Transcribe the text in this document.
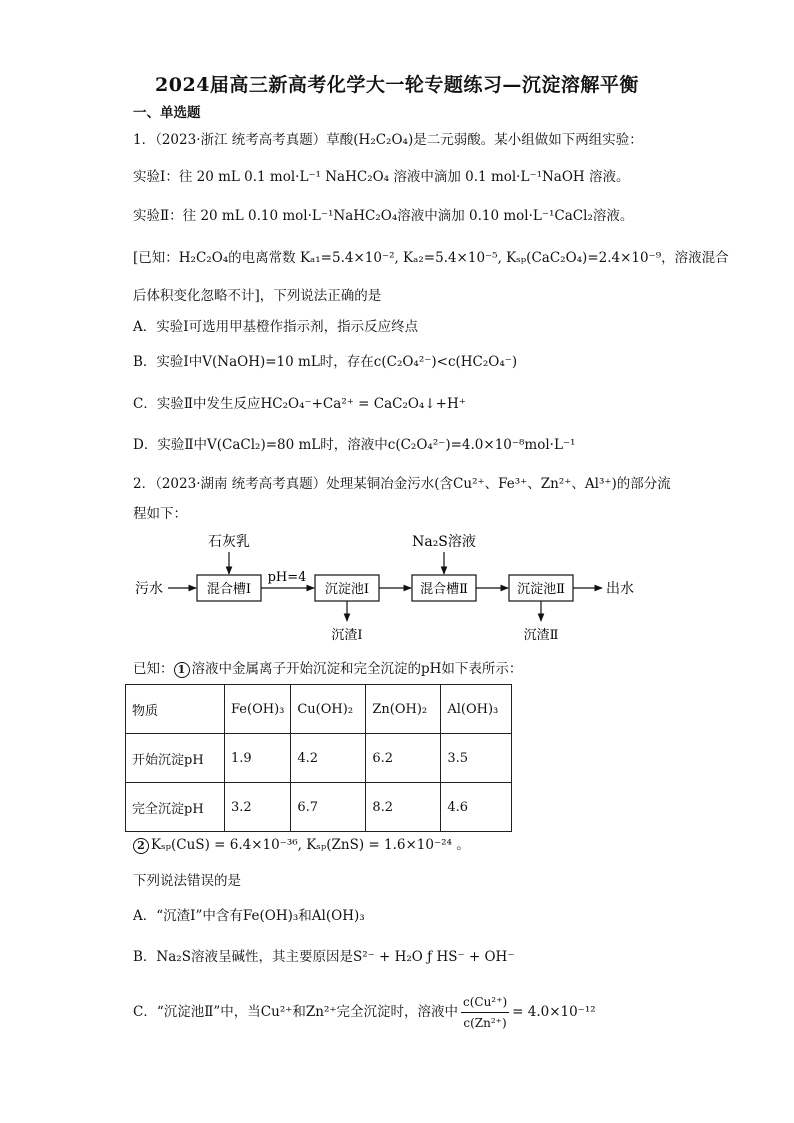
2024届高三新高考化学大一轮专题练习—沉淀溶解平衡
一、单选题
1．（2023·浙江 统考高考真题）草酸(H₂C₂O₄)是二元弱酸。某小组做如下两组实验：
实验Ⅰ：往 20 mL 0.1 mol·L⁻¹ NaHC₂O₄ 溶液中滴加 0.1 mol·L⁻¹NaOH 溶液。
实验Ⅱ：往 20 mL 0.10 mol·L⁻¹NaHC₂O₄溶液中滴加 0.10 mol·L⁻¹CaCl₂溶液。
[已知：H₂C₂O₄的电离常数 Kₐ₁=5.4×10⁻², Kₐ₂=5.4×10⁻⁵, Kₛₚ(CaC₂O₄)=2.4×10⁻⁹，溶液混合
后体积变化忽略不计]，下列说法正确的是
A．实验Ⅰ可选用甲基橙作指示剂，指示反应终点
B．实验Ⅰ中V(NaOH)=10 mL时，存在c(C₂O₄²⁻)<c(HC₂O₄⁻)
C．实验Ⅱ中发生反应HC₂O₄⁻+Ca²⁺ = CaC₂O₄↓+H⁺
D．实验Ⅱ中V(CaCl₂)=80 mL时，溶液中c(C₂O₄²⁻)=4.0×10⁻⁸mol·L⁻¹
2．（2023·湖南 统考高考真题）处理某铜冶金污水(含Cu²⁺、Fe³⁺、Zn²⁺、Al³⁺)的部分流
程如下：
污水	混合槽Ⅰ
石灰乳
pH=4
沉淀池Ⅰ
沉渣Ⅰ
混合槽Ⅱ
Na₂S溶液
沉淀池Ⅱ
沉渣Ⅱ
出水
已知： 1 溶液中金属离子开始沉淀和完全沉淀的pH如下表所示：
物质	Fe(OH)₃	Cu(OH)₂	Zn(OH)₂	Al(OH)₃
开始沉淀pH	1.9	4.2	6.2	3.5
完全沉淀pH	3.2	6.7	8.2	4.6
2 Kₛₚ(CuS) = 6.4×10⁻³⁶, Kₛₚ(ZnS) = 1.6×10⁻²⁴ 。
下列说法错误的是
A．“沉渣Ⅰ”中含有Fe(OH)₃和Al(OH)₃
B．Na₂S溶液呈碱性，其主要原因是S²⁻ + H₂O ƒ HS⁻ + OH⁻
C．“沉淀池Ⅱ”中，当Cu²⁺和Zn²⁺完全沉淀时，溶液中 $\frac{\text{c(Cu²⁺)}}{\text{c(Zn²⁺)}} = 4.0\times 10^{-12}$
